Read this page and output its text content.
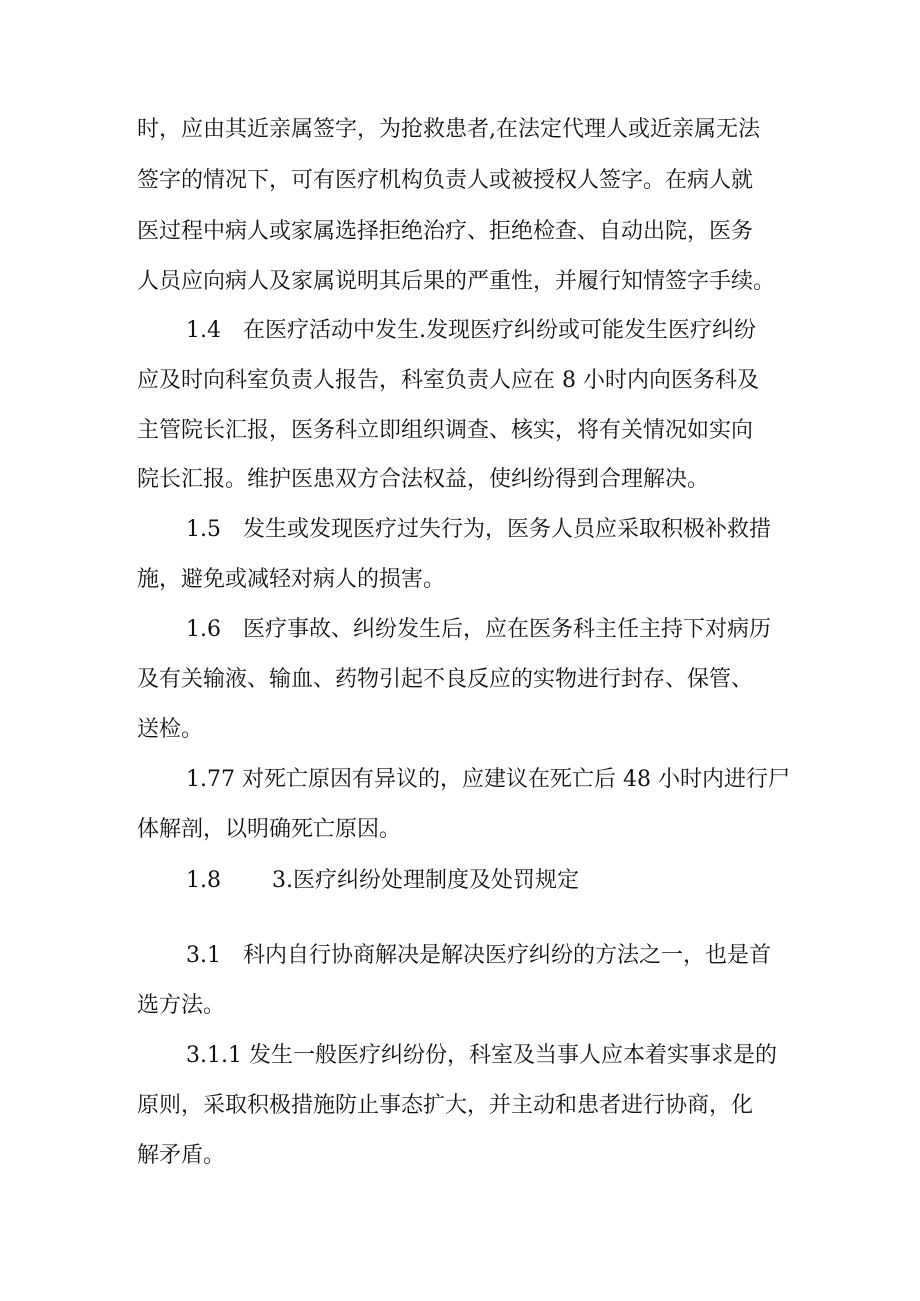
时，应由其近亲属签字，为抢救患者,在法定代理人或近亲属无法

签字的情况下，可有医疗机构负责人或被授权人签字。在病人就

医过程中病人或家属选择拒绝治疗、拒绝检查、自动出院，医务

人员应向病人及家属说明其后果的严重性，并履行知情签字手续。

1.4　在医疗活动中发生.发现医疗纠纷或可能发生医疗纠纷

应及时向科室负责人报告，科室负责人应在 8 小时内向医务科及

主管院长汇报，医务科立即组织调查、核实，将有关情况如实向

院长汇报。维护医患双方合法权益，使纠纷得到合理解决。

1.5　发生或发现医疗过失行为，医务人员应采取积极补救措

施，避免或减轻对病人的损害。

1.6　医疗事故、纠纷发生后，应在医务科主任主持下对病历

及有关输液、输血、药物引起不良反应的实物进行封存、保管、

送检。

1.77 对死亡原因有异议的，应建议在死亡后 48 小时内进行尸

体解剖，以明确死亡原因。

1.8　　 3.医疗纠纷处理制度及处罚规定

3.1　科内自行协商解决是解决医疗纠纷的方法之一，也是首

选方法。

3.1.1 发生一般医疗纠纷份，科室及当事人应本着实事求是的

原则，采取积极措施防止事态扩大，并主动和患者进行协商，化

解矛盾。
